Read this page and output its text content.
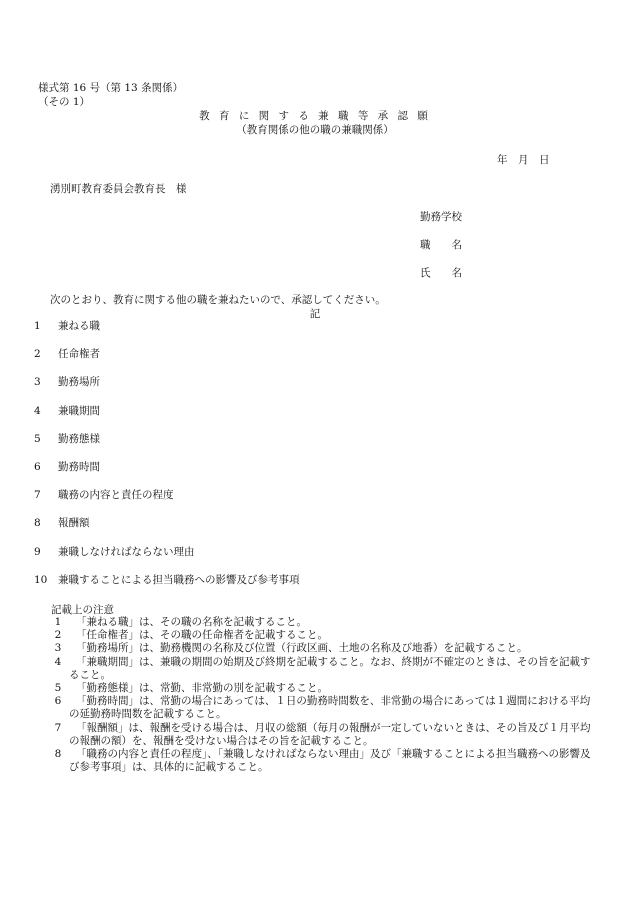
様式第 16 号（第 13 条関係）
（その 1）
教 育 に 関 す る 兼 職 等 承 認 願
（教育関係の他の職の兼職関係）
年　月　日
湧別町教育委員会教育長　様
勤務学校
職　　名
氏　　名
次のとおり、教育に関する他の職を兼ねたいので、承認してください。
記
1 兼ねる職
2 任命権者
3 勤務場所
4 兼職期間
5 勤務態様
6 勤務時間
7 職務の内容と責任の程度
8 報酬額
9 兼職しなければならない理由
10 兼職することによる担当職務への影響及び参考事項
記載上の注意
1	「兼ねる職」は、その職の名称を記載すること。
2	「任命権者」は、その職の任命権者を記載すること。
3	「勤務場所」は、勤務機関の名称及び位置（行政区画、土地の名称及び地番）を記載すること。
4	「兼職期間」は、兼職の期間の始期及び終期を記載すること。なお、終期が不確定のときは、その旨を記載すること。
5	「勤務態様」は、常勤、非常勤の別を記載すること。
6	「勤務時間」は、常勤の場合にあっては、１日の勤務時間数を、非常勤の場合にあっては１週間における平均の延勤務時間数を記載すること。
7	「報酬額」は、報酬を受ける場合は、月収の総額（毎月の報酬が一定していないときは、その旨及び１月平均の報酬の額）を、報酬を受けない場合はその旨を記載すること。
8	「職務の内容と責任の程度」、「兼職しなければならない理由」及び「兼職することによる担当職務への影響及び参考事項」は、具体的に記載すること。
